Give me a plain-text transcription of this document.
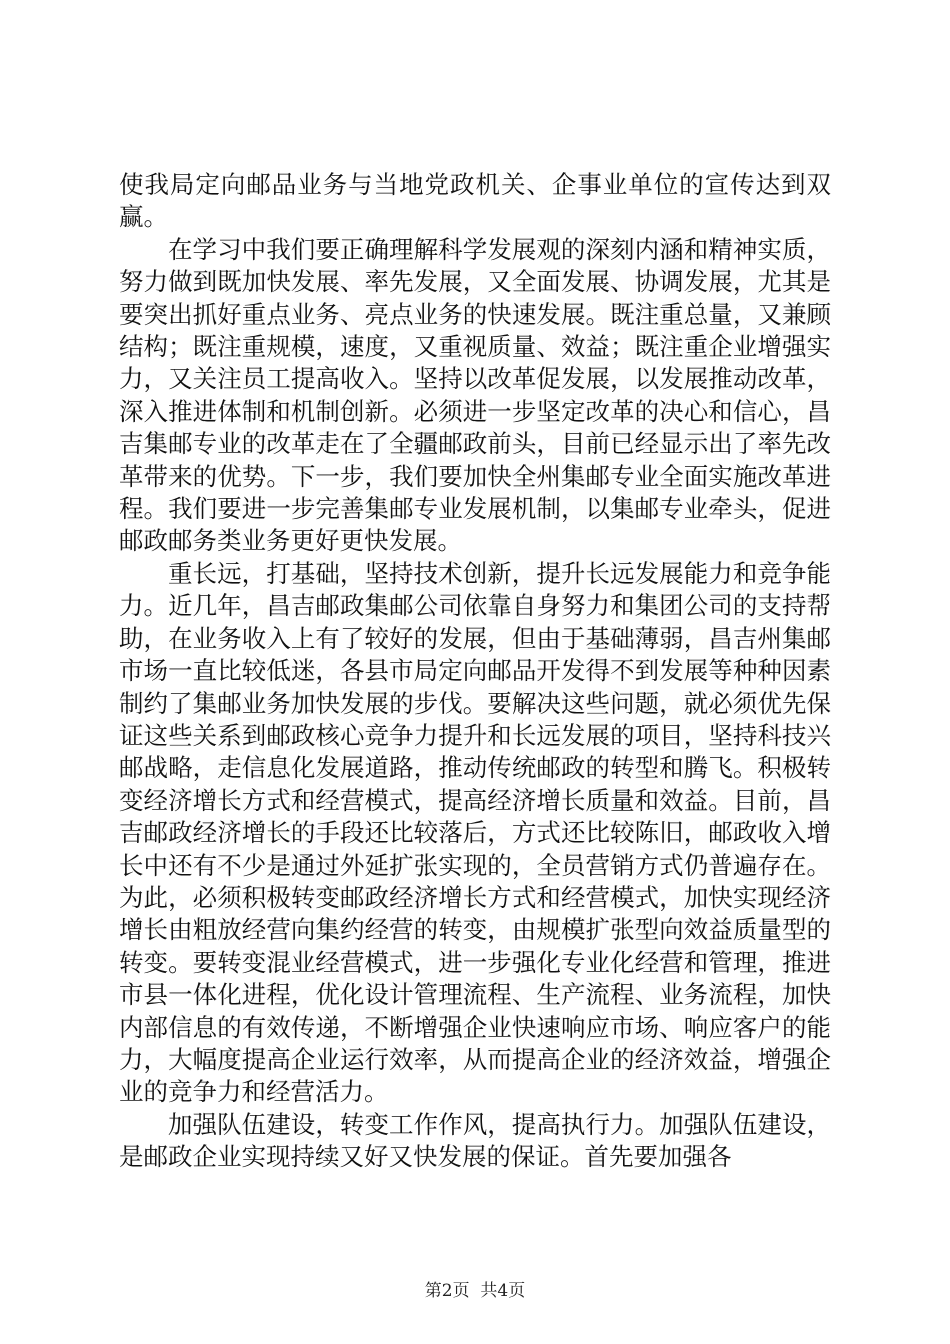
使我局定向邮品业务与当地党政机关、企事业单位的宣传达到双赢。

在学习中我们要正确理解科学发展观的深刻内涵和精神实质，努力做到既加快发展、率先发展，又全面发展、协调发展，尤其是要突出抓好重点业务、亮点业务的快速发展。既注重总量，又兼顾结构；既注重规模，速度，又重视质量、效益；既注重企业增强实力，又关注员工提高收入。坚持以改革促发展，以发展推动改革，深入推进体制和机制创新。必须进一步坚定改革的决心和信心，昌吉集邮专业的改革走在了全疆邮政前头，目前已经显示出了率先改革带来的优势。下一步，我们要加快全州集邮专业全面实施改革进程。我们要进一步完善集邮专业发展机制，以集邮专业牵头，促进邮政邮务类业务更好更快发展。

重长远，打基础，坚持技术创新，提升长远发展能力和竞争能力。近几年，昌吉邮政集邮公司依靠自身努力和集团公司的支持帮助，在业务收入上有了较好的发展，但由于基础薄弱，昌吉州集邮市场一直比较低迷，各县市局定向邮品开发得不到发展等种种因素制约了集邮业务加快发展的步伐。要解决这些问题，就必须优先保证这些关系到邮政核心竞争力提升和长远发展的项目，坚持科技兴邮战略，走信息化发展道路，推动传统邮政的转型和腾飞。积极转变经济增长方式和经营模式，提高经济增长质量和效益。目前，昌吉邮政经济增长的手段还比较落后，方式还比较陈旧，邮政收入增长中还有不少是通过外延扩张实现的，全员营销方式仍普遍存在。为此，必须积极转变邮政经济增长方式和经营模式，加快实现经济增长由粗放经营向集约经营的转变，由规模扩张型向效益质量型的转变。要转变混业经营模式，进一步强化专业化经营和管理，推进市县一体化进程，优化设计管理流程、生产流程、业务流程，加快内部信息的有效传递，不断增强企业快速响应市场、响应客户的能力，大幅度提高企业运行效率，从而提高企业的经济效益，增强企业的竞争力和经营活力。

加强队伍建设，转变工作作风，提高执行力。加强队伍建设，是邮政企业实现持续又好又快发展的保证。首先要加强各

第2页  共4页
